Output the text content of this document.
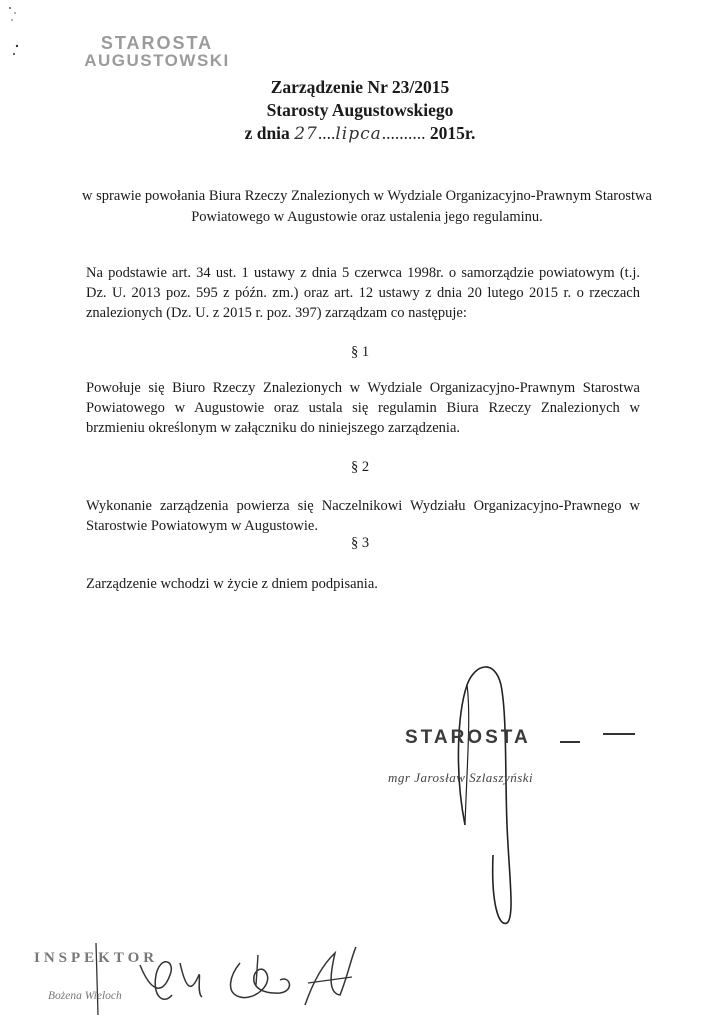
STAROSTA
AUGUSTOWSKI
Zarządzenie Nr 23/2015
Starosty Augustowskiego
z dnia 27....lipca.......... 2015r.
w sprawie powołania Biura Rzeczy Znalezionych w Wydziale Organizacyjno-Prawnym Starostwa Powiatowego w Augustowie oraz ustalenia jego regulaminu.
Na podstawie art. 34 ust. 1 ustawy z dnia 5 czerwca 1998r. o samorządzie powiatowym (t.j. Dz. U. 2013 poz. 595 z późn. zm.) oraz art. 12 ustawy z dnia 20 lutego 2015 r. o rzeczach znalezionych (Dz. U. z 2015 r. poz. 397) zarządzam co następuje:
§ 1
Powołuje się Biuro Rzeczy Znalezionych w Wydziale Organizacyjno-Prawnym Starostwa Powiatowego w Augustowie oraz ustala się regulamin Biura Rzeczy Znalezionych w brzmieniu określonym w załączniku do niniejszego zarządzenia.
§ 2
Wykonanie zarządzenia powierza się Naczelnikowi Wydziału Organizacyjno-Prawnego w Starostwie Powiatowym w Augustowie.
§ 3
Zarządzenie wchodzi w życie z dniem podpisania.
STAROSTA
mgr Jarosław Szlaszyński
INSPEKTOR
Bożena Wieloch
